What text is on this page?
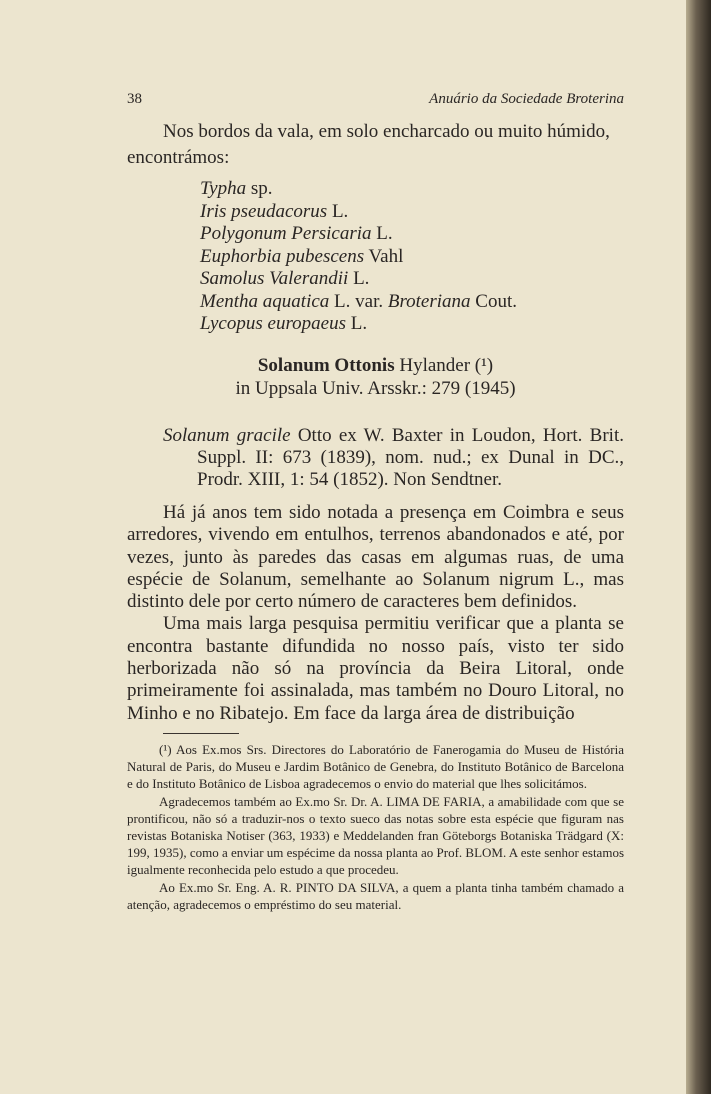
38	Anuário da Sociedade Broterina

Nos bordos da vala, em solo encharcado ou muito húmido, encontrámos:

Typha sp.
Iris pseudacorus L.
Polygonum Persicaria L.
Euphorbia pubescens Vahl
Samolus Valerandii L.
Mentha aquatica L. var. Broteriana Cout.
Lycopus europaeus L.
Solanum Ottonis Hylander (¹)
in Uppsala Univ. Arsskr.: 279 (1945)

Solanum gracile Otto ex W. Baxter in Loudon, Hort. Brit. Suppl. II: 673 (1839), nom. nud.; ex Dunal in DC., Prodr. XIII, 1: 54 (1852). Non Sendtner.

Há já anos tem sido notada a presença em Coimbra e seus arredores, vivendo em entulhos, terrenos abandonados e até, por vezes, junto às paredes das casas em algumas ruas, de uma espécie de Solanum, semelhante ao Solanum nigrum L., mas distinto dele por certo número de caracteres bem definidos.

Uma mais larga pesquisa permitiu verificar que a planta se encontra bastante difundida no nosso país, visto ter sido herborizada não só na província da Beira Litoral, onde primeiramente foi assinalada, mas também no Douro Litoral, no Minho e no Ribatejo. Em face da larga área de distribuição

(¹) Aos Ex.mos Srs. Directores do Laboratório de Fanerogamia do Museu de História Natural de Paris, do Museu e Jardim Botânico de Genebra, do Instituto Botânico de Barcelona e do Instituto Botânico de Lisboa agradecemos o envio do material que lhes solicitámos.

Agradecemos também ao Ex.mo Sr. Dr. A. LIMA DE FARIA, a amabilidade com que se prontificou, não só a traduzir-nos o texto sueco das notas sobre esta espécie que figuram nas revistas Botaniska Notiser (363, 1933) e Meddelanden fran Göteborgs Botaniska Trädgard (X: 199, 1935), como a enviar um espécime da nossa planta ao Prof. BLOM. A este senhor estamos igualmente reconhecida pelo estudo a que procedeu.

Ao Ex.mo Sr. Eng. A. R. PINTO DA SILVA, a quem a planta tinha também chamado a atenção, agradecemos o empréstimo do seu material.
